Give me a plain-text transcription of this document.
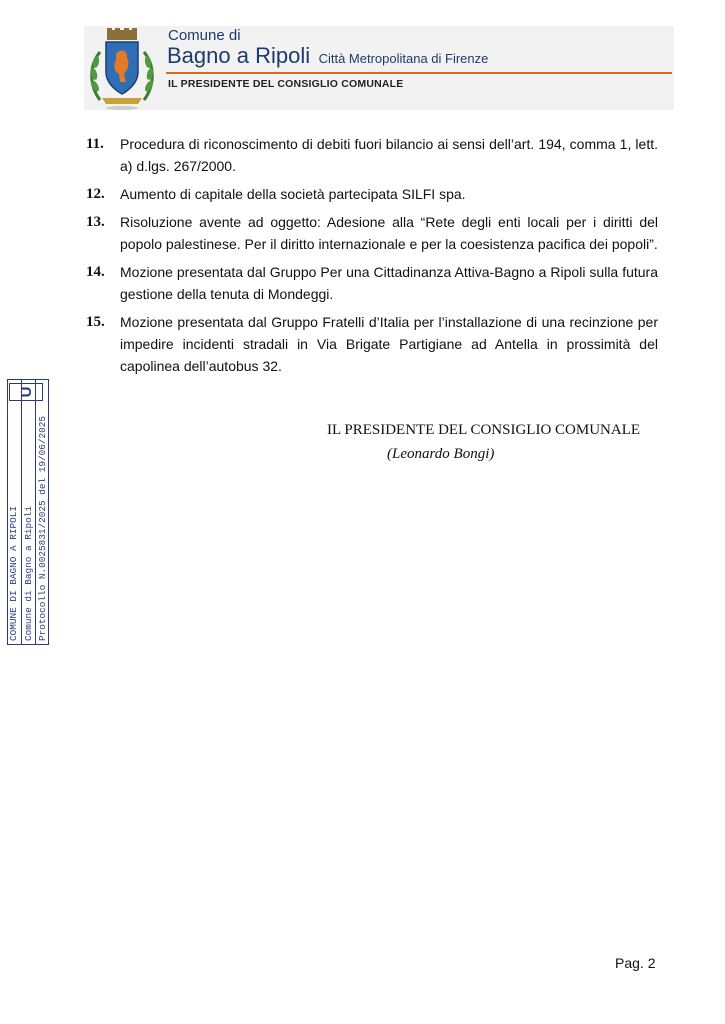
Comune di
Bagno a Ripoli Città Metropolitana di Firenze
IL PRESIDENTE DEL CONSIGLIO COMUNALE
11.	Procedura di riconoscimento di debiti fuori bilancio ai sensi dell’art. 194, comma 1, lett. a) d.lgs. 267/2000.
12.	Aumento di capitale della società partecipata SILFI spa.
13.	Risoluzione avente ad oggetto: Adesione alla “Rete degli enti locali per i diritti del popolo palestinese. Per il diritto internazionale e per la coesistenza pacifica dei popoli”.
14.	Mozione presentata dal Gruppo Per una Cittadinanza Attiva-Bagno a Ripoli sulla futura gestione della tenuta di Mondeggi.
15.	Mozione presentata dal Gruppo Fratelli d’Italia per l’installazione di una recinzione per impedire incidenti stradali in Via Brigate Partigiane ad Antella in prossimità del capolinea dell’autobus 32.
IL PRESIDENTE DEL CONSIGLIO COMUNALE
(Leonardo Bongi)
COMUNE DI BAGNO A RIPOLI Comune di Bagno a Ripoli Protocollo N.0025831/2025 del 19/06/2025
U
Pag. 2
